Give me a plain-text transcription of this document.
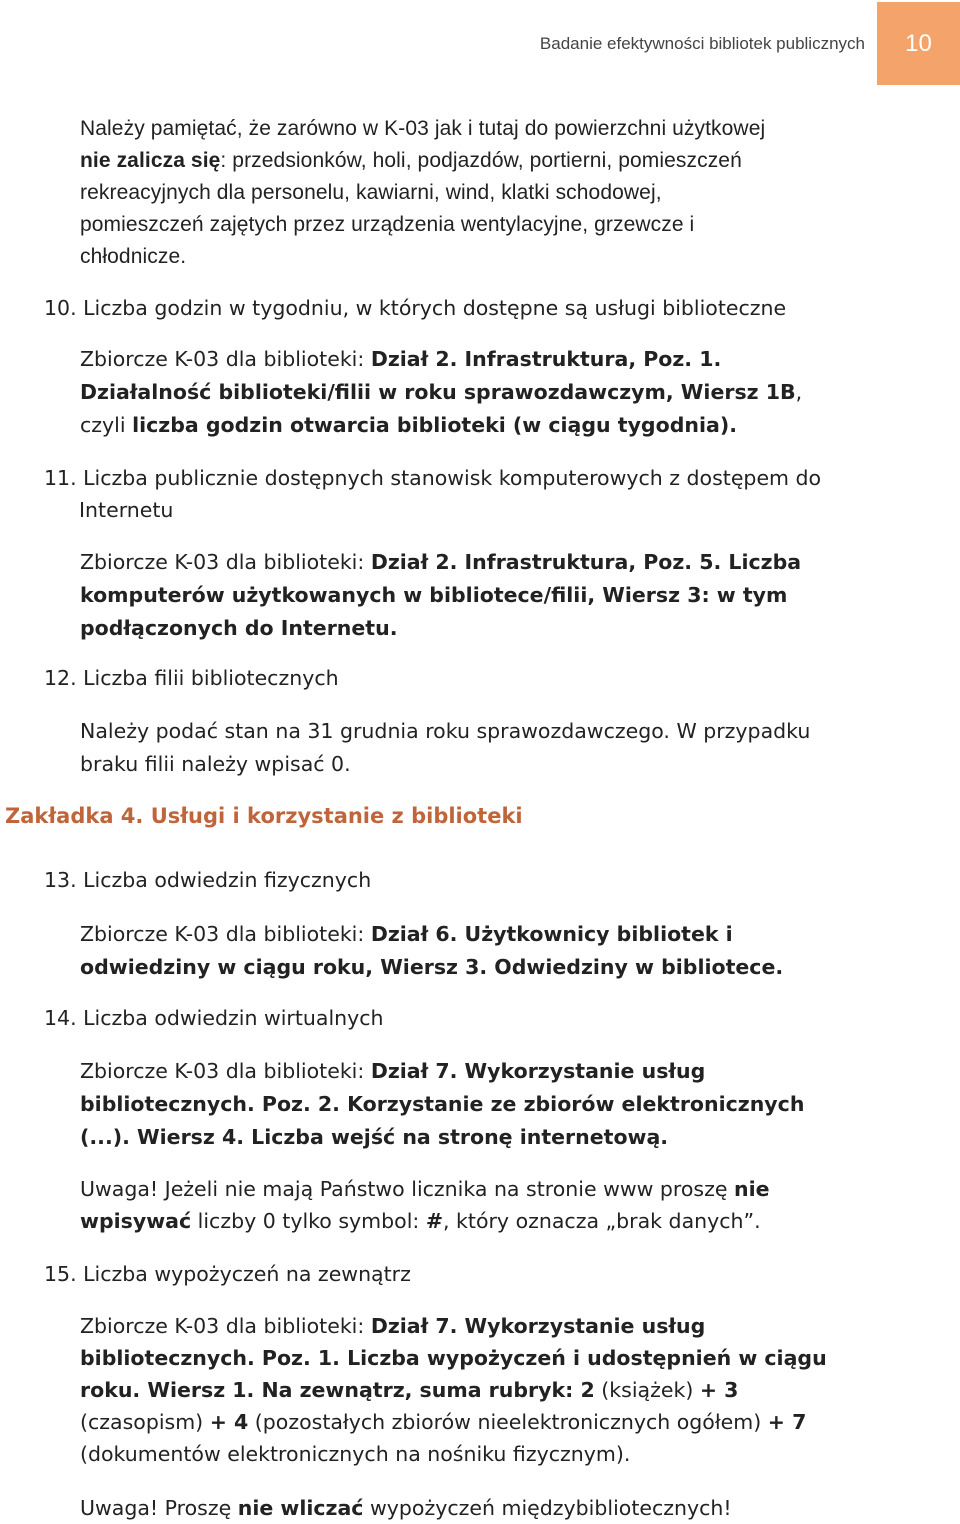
Badanie efektywności bibliotek publicznych	10
Należy pamiętać, że zarówno w K-03 jak i tutaj do powierzchni użytkowej
nie zalicza się: przedsionków, holi, podjazdów, portierni, pomieszczeń
rekreacyjnych dla personelu, kawiarni, wind, klatki schodowej,
pomieszczeń zajętych przez urządzenia wentylacyjne, grzewcze i
chłodnicze.
10. Liczba godzin w tygodniu, w których dostępne są usługi biblioteczne
Zbiorcze K-03 dla biblioteki: Dział 2. Infrastruktura, Poz. 1.
Działalność biblioteki/filii w roku sprawozdawczym, Wiersz 1B,
czyli liczba godzin otwarcia biblioteki (w ciągu tygodnia).
11. Liczba publicznie dostępnych stanowisk komputerowych z dostępem do
Internetu
Zbiorcze K-03 dla biblioteki: Dział 2. Infrastruktura, Poz. 5. Liczba
komputerów użytkowanych w bibliotece/filii, Wiersz 3: w tym
podłączonych do Internetu.
12. Liczba filii bibliotecznych
Należy podać stan na 31 grudnia roku sprawozdawczego. W przypadku
braku filii należy wpisać 0.
Zakładka 4. Usługi i korzystanie z biblioteki
13. Liczba odwiedzin fizycznych
Zbiorcze K-03 dla biblioteki: Dział 6. Użytkownicy bibliotek i
odwiedziny w ciągu roku, Wiersz 3. Odwiedziny w bibliotece.
14. Liczba odwiedzin wirtualnych
Zbiorcze K-03 dla biblioteki: Dział 7. Wykorzystanie usług
bibliotecznych. Poz. 2. Korzystanie ze zbiorów elektronicznych
(...). Wiersz 4. Liczba wejść na stronę internetową.
Uwaga! Jeżeli nie mają Państwo licznika na stronie www proszę nie
wpisywać liczby 0 tylko symbol: #, który oznacza „brak danych”.
15. Liczba wypożyczeń na zewnątrz
Zbiorcze K-03 dla biblioteki: Dział 7. Wykorzystanie usług
bibliotecznych. Poz. 1. Liczba wypożyczeń i udostępnień w ciągu
roku. Wiersz 1. Na zewnątrz, suma rubryk: 2 (książek) + 3
(czasopism) + 4 (pozostałych zbiorów nieelektronicznych ogółem) + 7
(dokumentów elektronicznych na nośniku fizycznym).
Uwaga! Proszę nie wliczać wypożyczeń międzybibliotecznych!
